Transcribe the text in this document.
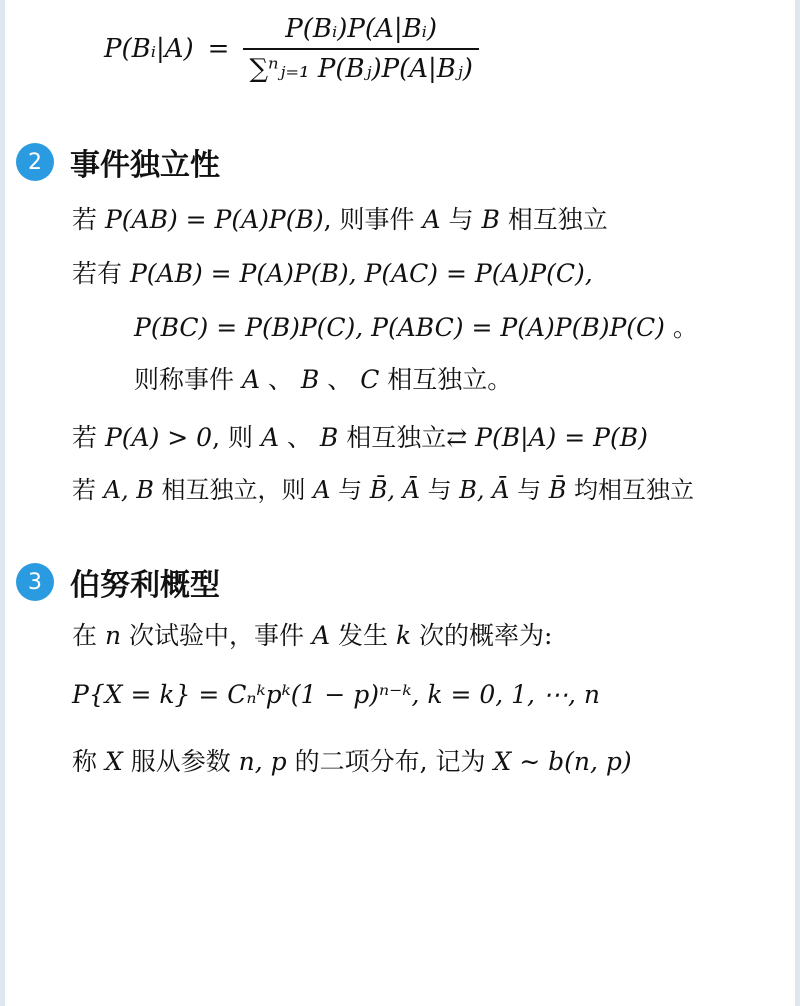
P(Bᵢ|A) = $\frac{\text{P(Bᵢ)P(A|Bᵢ)}}{\text{∑ⁿⱼ₌₁ P(Bⱼ)P(A|Bⱼ)}}$
2 事件独立性
若 P(AB) = P(A)P(B), 则事件 A 与 B 相互独立
若有 P(AB) = P(A)P(B), P(AC) = P(A)P(C),
P(BC) = P(B)P(C), P(ABC) = P(A)P(B)P(C) 。
则称事件 A 、 B 、 C 相互独立。
若 P(A) > 0, 则 A 、 B 相互独立⇄ P(B|A) = P(B)
若 A, B 相互独立，则 A 与 B̄, Ā 与 B, Ā 与 B̄ 均相互独立
3 伯努利概型
在 n 次试验中，事件 A 发生 k 次的概率为:
P{X = k} = Cₙᵏpᵏ(1 − p)ⁿ⁻ᵏ, k = 0, 1, ⋯, n
称 X 服从参数 n, p 的二项分布, 记为 X ∼ b(n, p)
